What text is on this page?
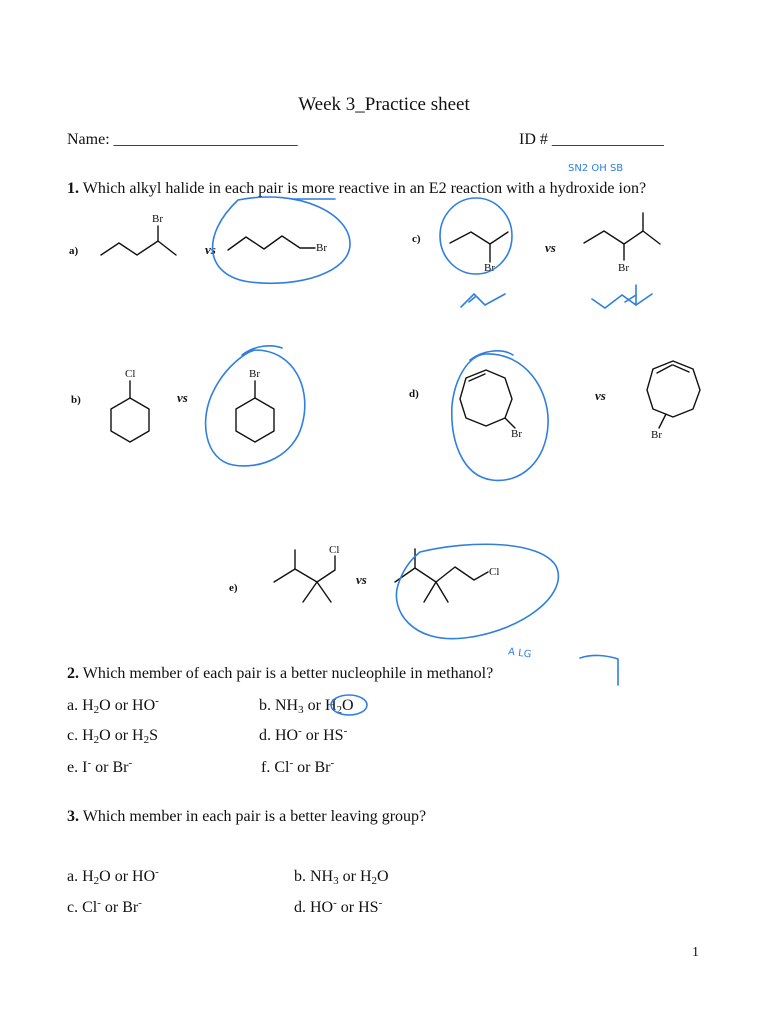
Week 3_Practice sheet
Name: _______________________	ID # ______________
1. Which alkyl halide in each pair is more reactive in an E2 reaction with a hydroxide ion?
a)
Br
vs	Br
c)
Br
vs
Br
b)
Cl
vs
Br
d)
Br
vs
Br
e)
Cl
vs	Cl
2. Which member of each pair is a better nucleophile in methanol?
a. $H_2O$ or HO-	b. $NH_3$ or $H_2O$
c. $H_2O$ or $H_2S$	d. HO- or HS-
e. I- or Br-	f. Cl- or Br-
3. Which member in each pair is a better leaving group?
a. $H_2O$ or HO-	b. $NH_3$ or $H_2O$
c. Cl- or Br-	d. HO- or HS-
1
SN2 OH SB
A LG
